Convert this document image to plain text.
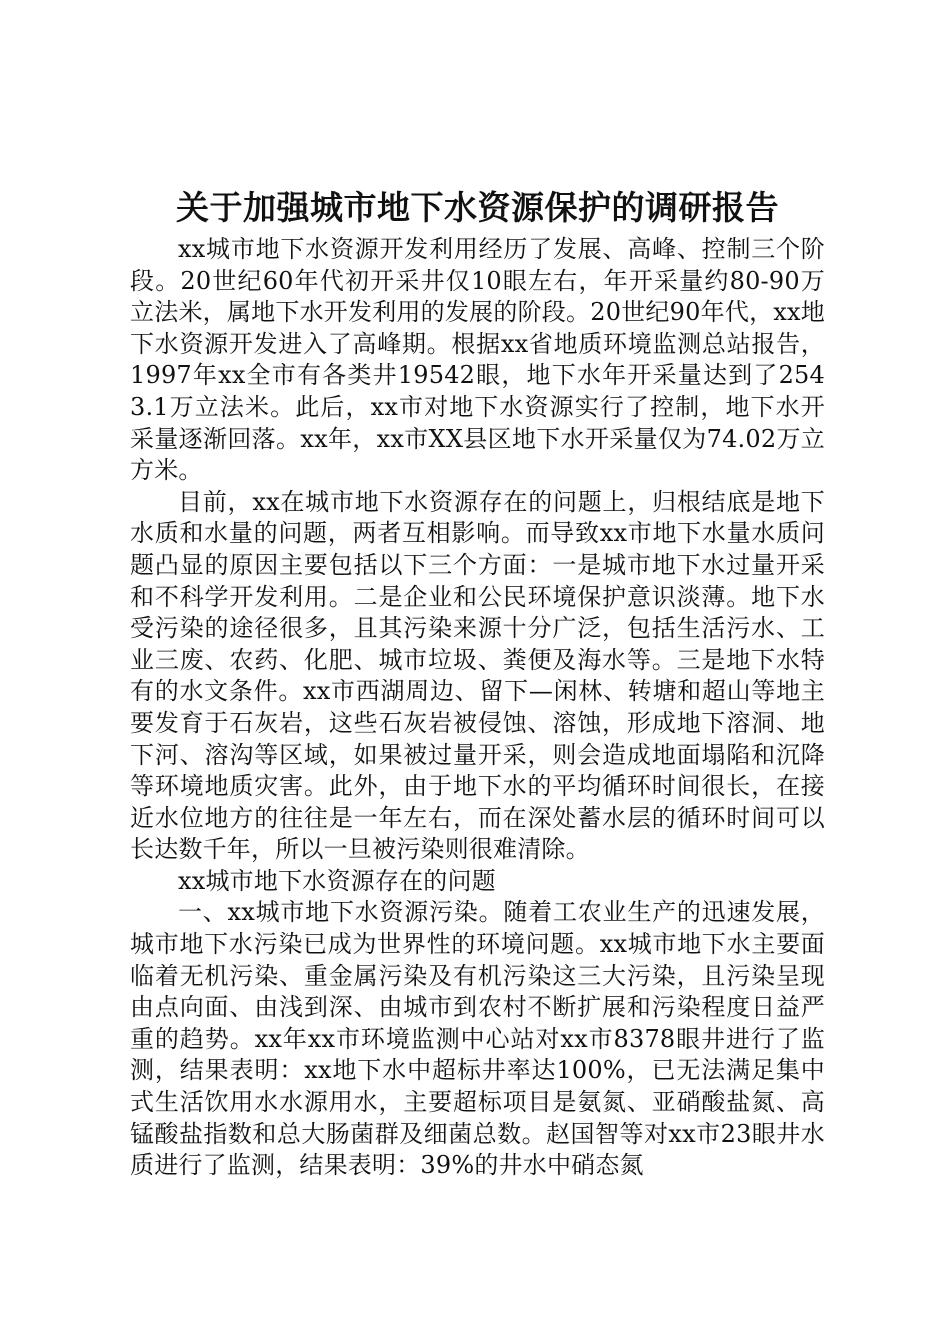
关于加强城市地下水资源保护的调研报告

xx城市地下水资源开发利用经历了发展、高峰、控制三个阶段。20世纪60年代初开采井仅10眼左右，年开采量约80-90万立法米，属地下水开发利用的发展的阶段。20世纪90年代，xx地下水资源开发进入了高峰期。根据xx省地质环境监测总站报告，1997年xx全市有各类井19542眼，地下水年开采量达到了2543.1万立法米。此后，xx市对地下水资源实行了控制，地下水开采量逐渐回落。xx年，xx市XX县区地下水开采量仅为74.02万立方米。

目前，xx在城市地下水资源存在的问题上，归根结底是地下水质和水量的问题，两者互相影响。而导致xx市地下水量水质问题凸显的原因主要包括以下三个方面：一是城市地下水过量开采和不科学开发利用。二是企业和公民环境保护意识淡薄。地下水受污染的途径很多，且其污染来源十分广泛，包括生活污水、工业三废、农药、化肥、城市垃圾、粪便及海水等。三是地下水特有的水文条件。xx市西湖周边、留下—闲林、转塘和超山等地主要发育于石灰岩，这些石灰岩被侵蚀、溶蚀，形成地下溶洞、地下河、溶沟等区域，如果被过量开采，则会造成地面塌陷和沉降等环境地质灾害。此外，由于地下水的平均循环时间很长，在接近水位地方的往往是一年左右，而在深处蓄水层的循环时间可以长达数千年，所以一旦被污染则很难清除。

xx城市地下水资源存在的问题

一、xx城市地下水资源污染。随着工农业生产的迅速发展，城市地下水污染已成为世界性的环境问题。xx城市地下水主要面临着无机污染、重金属污染及有机污染这三大污染，且污染呈现由点向面、由浅到深、由城市到农村不断扩展和污染程度日益严重的趋势。xx年xx市环境监测中心站对xx市8378眼井进行了监测，结果表明：xx地下水中超标井率达100%，已无法满足集中式生活饮用水水源用水，主要超标项目是氨氮、亚硝酸盐氮、高锰酸盐指数和总大肠菌群及细菌总数。赵国智等对xx市23眼井水质进行了监测，结果表明：39%的井水中硝态氮
